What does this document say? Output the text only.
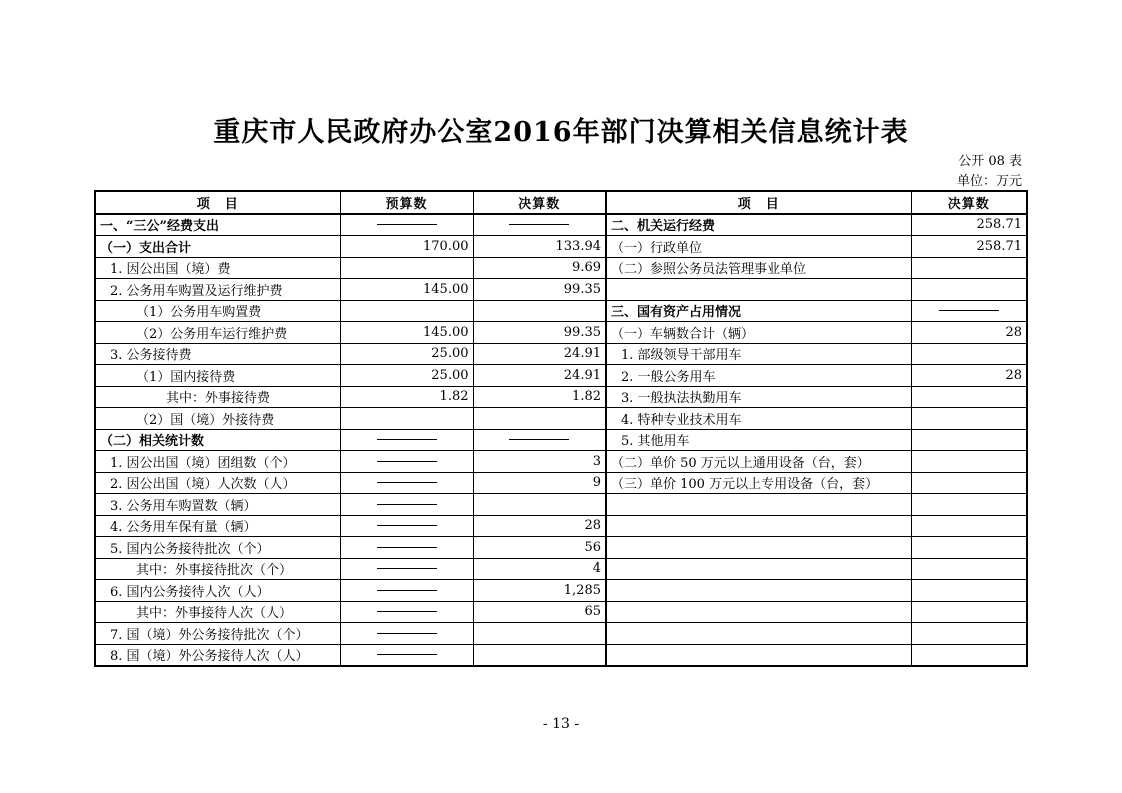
重庆市人民政府办公室2016年部门决算相关信息统计表
公开 08 表
单位：万元
项　目	预算数	决算数	项　目	决算数
一、“三公”经费支出			二、机关运行经费	258.71
（一）支出合计	170.00	133.94	（一）行政单位	258.71
1. 因公出国（境）费		9.69	（二）参照公务员法管理事业单位	
2. 公务用车购置及运行维护费	145.00	99.35		
（1）公务用车购置费			三、国有资产占用情况	
（2）公务用车运行维护费	145.00	99.35	（一）车辆数合计（辆）	28
3. 公务接待费	25.00	24.91	1. 部级领导干部用车	
（1）国内接待费	25.00	24.91	2. 一般公务用车	28
其中：外事接待费	1.82	1.82	3. 一般执法执勤用车	
（2）国（境）外接待费			4. 特种专业技术用车	
（二）相关统计数			5. 其他用车	
1. 因公出国（境）团组数（个）		3	（二）单价 50 万元以上通用设备（台，套）	
2. 因公出国（境）人次数（人）		9	（三）单价 100 万元以上专用设备（台，套）	
3. 公务用车购置数（辆）				
4. 公务用车保有量（辆）		28		
5. 国内公务接待批次（个）		56		
其中：外事接待批次（个）		4		
6. 国内公务接待人次（人）		1,285		
其中：外事接待人次（人）		65		
7. 国（境）外公务接待批次（个）				
8. 国（境）外公务接待人次（人）				
- 13 -
